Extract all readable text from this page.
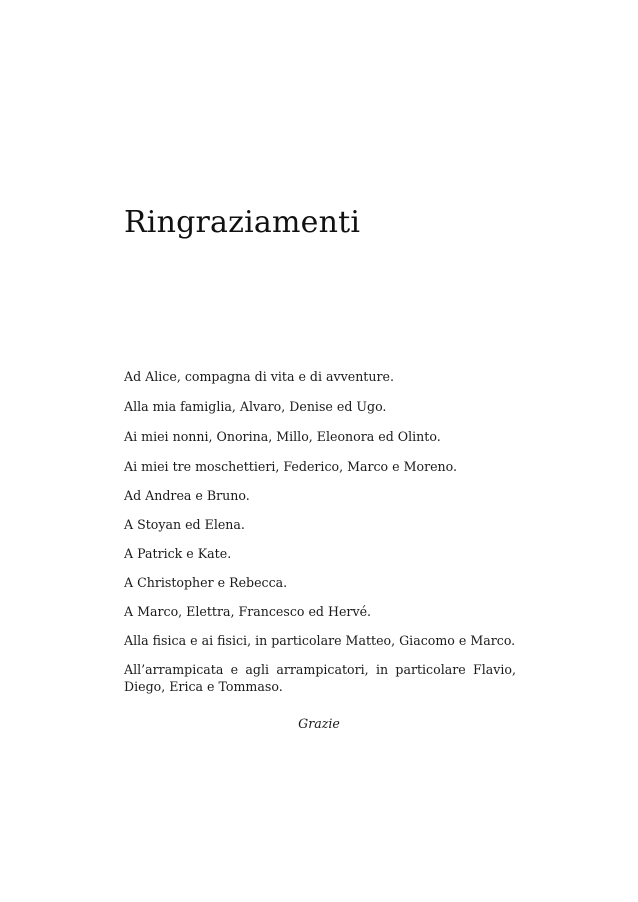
Ringraziamenti

Ad Alice, compagna di vita e di avventure.

Alla mia famiglia, Alvaro, Denise ed Ugo.

Ai miei nonni, Onorina, Millo, Eleonora ed Olinto.

Ai miei tre moschettieri, Federico, Marco e Moreno.

Ad Andrea e Bruno.

A Stoyan ed Elena.

A Patrick e Kate.

A Christopher e Rebecca.

A Marco, Elettra, Francesco ed Hervé.

Alla fisica e ai fisici, in particolare Matteo, Giacomo e Marco.

All’arrampicata e agli arrampicatori, in particolare Flavio, Diego, Erica e Tommaso.

Grazie
